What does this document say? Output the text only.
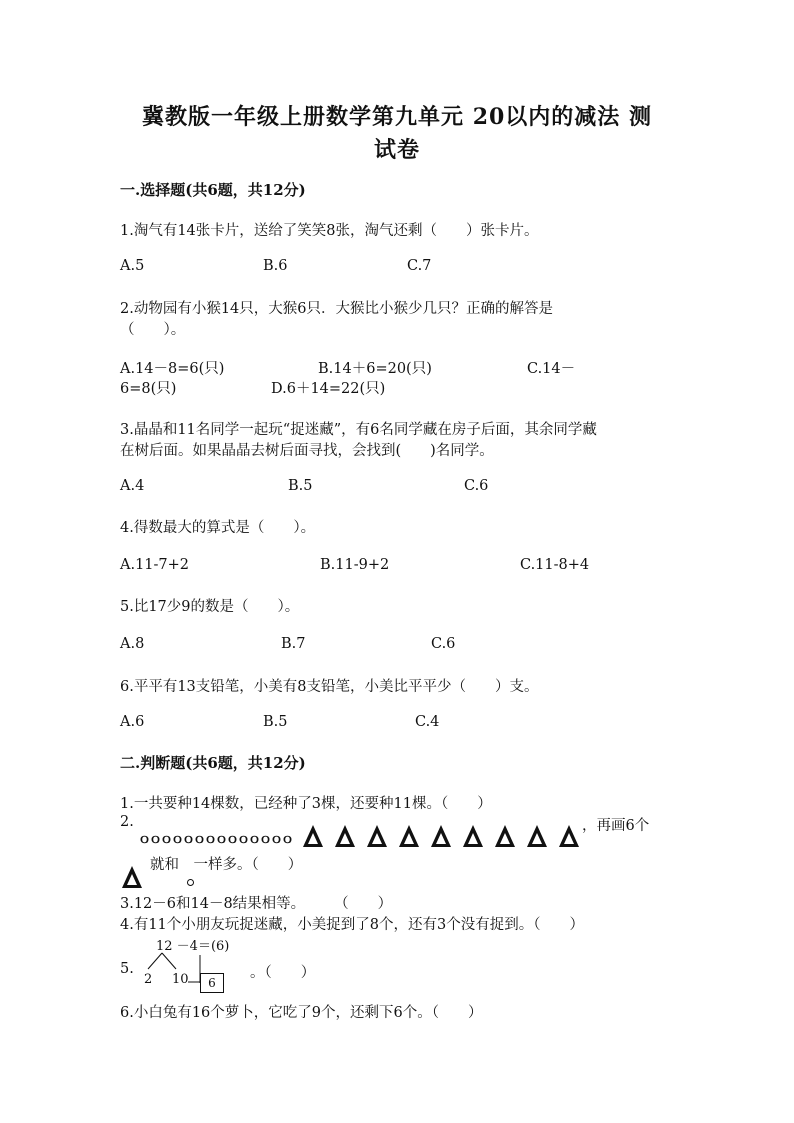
冀教版一年级上册数学第九单元 20以内的减法 测
试卷
一.选择题(共6题，共12分)
1.淘气有14张卡片，送给了笑笑8张，淘气还剩（　　）张卡片。
A.5	B.6	C.7
2.动物园有小猴14只，大猴6只．大猴比小猴少几只？正确的解答是
（　　）。
A.14－8=6(只)	B.14＋6=20(只)	C.14－
6=8(只)	D.6＋14=22(只)
3.晶晶和11名同学一起玩“捉迷藏”，有6名同学藏在房子后面，其余同学藏
在树后面。如果晶晶去树后面寻找，会找到(　　)名同学。
A.4	B.5	C.6
4.得数最大的算式是（　　）。
A.11-7+2	B.11-9+2	C.11-8+4
5.比17少9的数是（　　）。
A.8	B.7	C.6
6.平平有13支铅笔，小美有8支铅笔，小美比平平少（　　）支。
A.6	B.5	C.4
二.判断题(共6题，共12分)
1.一共要种14棵数，已经种了3棵，还要种11棵。（　　）
2.
ｏｏｏｏｏｏｏｏｏｏｏｏｏｏ
，再画6个
就和　一样多。（　　）
3.12－6和14－8结果相等。　　　（　　）
4.有11个小朋友玩捉迷藏，小美捉到了8个，还有3个没有捉到。（　　）
5.
12 －4＝(6)
2 10	6
。（　　）
6.小白兔有16个萝卜，它吃了9个，还剩下6个。（　　）
